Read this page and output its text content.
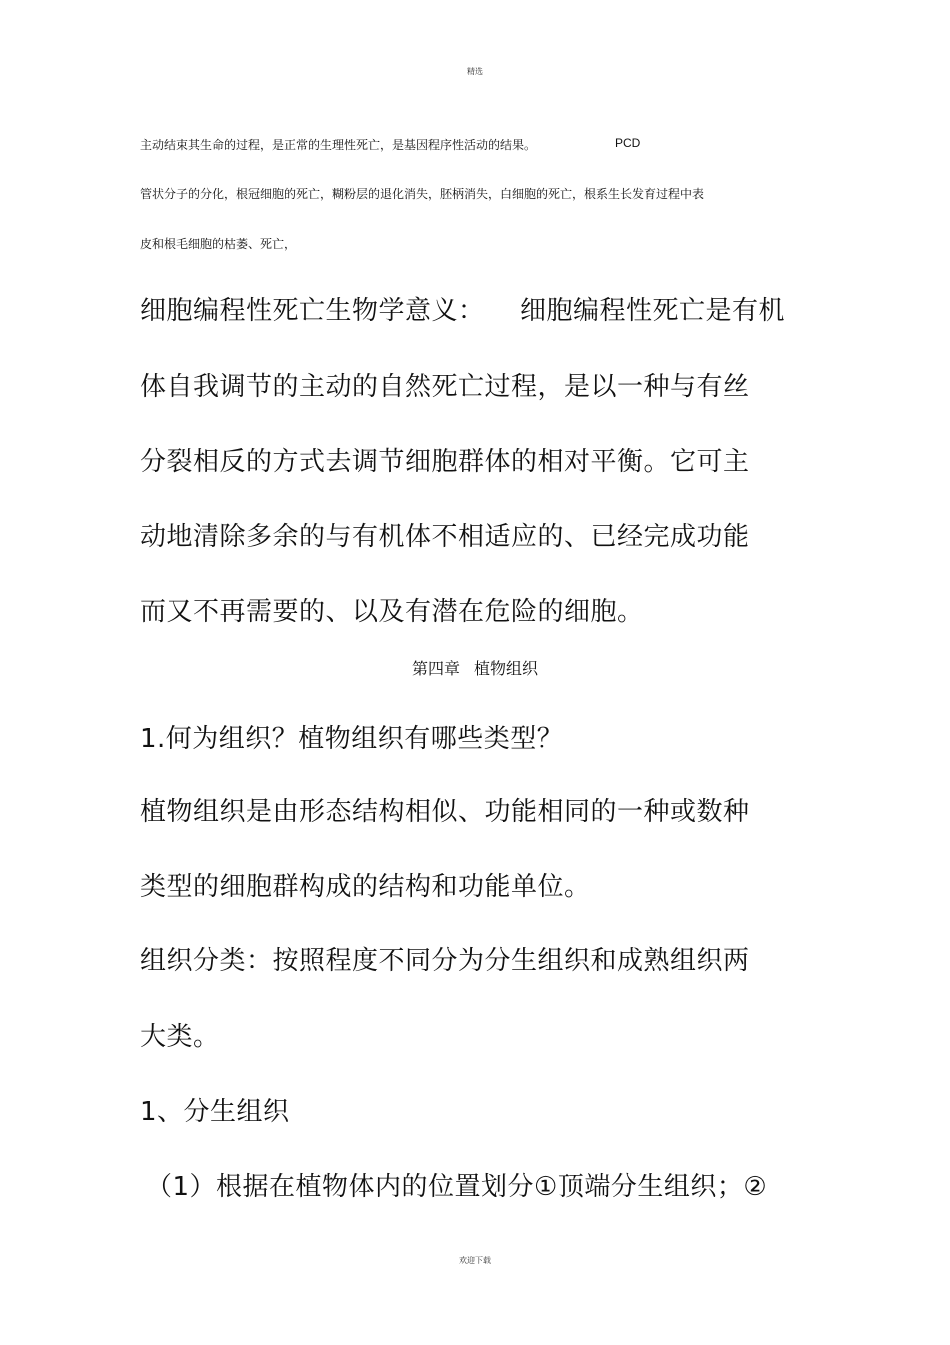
精选
主动结束其生命的过程，是正常的生理性死亡，是基因程序性活动的结果。	PCD
管状分子的分化，根冠细胞的死亡，糊粉层的退化消失，胚柄消失，白细胞的死亡，根系生长发育过程中表
皮和根毛细胞的枯萎、死亡，
细胞编程性死亡生物学意义： 细胞编程性死亡是有机
体自我调节的主动的自然死亡过程，是以一种与有丝
分裂相反的方式去调节细胞群体的相对平衡。它可主
动地清除多余的与有机体不相适应的、已经完成功能
而又不再需要的、以及有潜在危险的细胞。
第四章 植物组织
1.何为组织？植物组织有哪些类型？
植物组织是由形态结构相似、功能相同的一种或数种
类型的细胞群构成的结构和功能单位。
组织分类：按照程度不同分为分生组织和成熟组织两
大类。
1、分生组织
（1）根据在植物体内的位置划分①顶端分生组织；②
欢迎下载
